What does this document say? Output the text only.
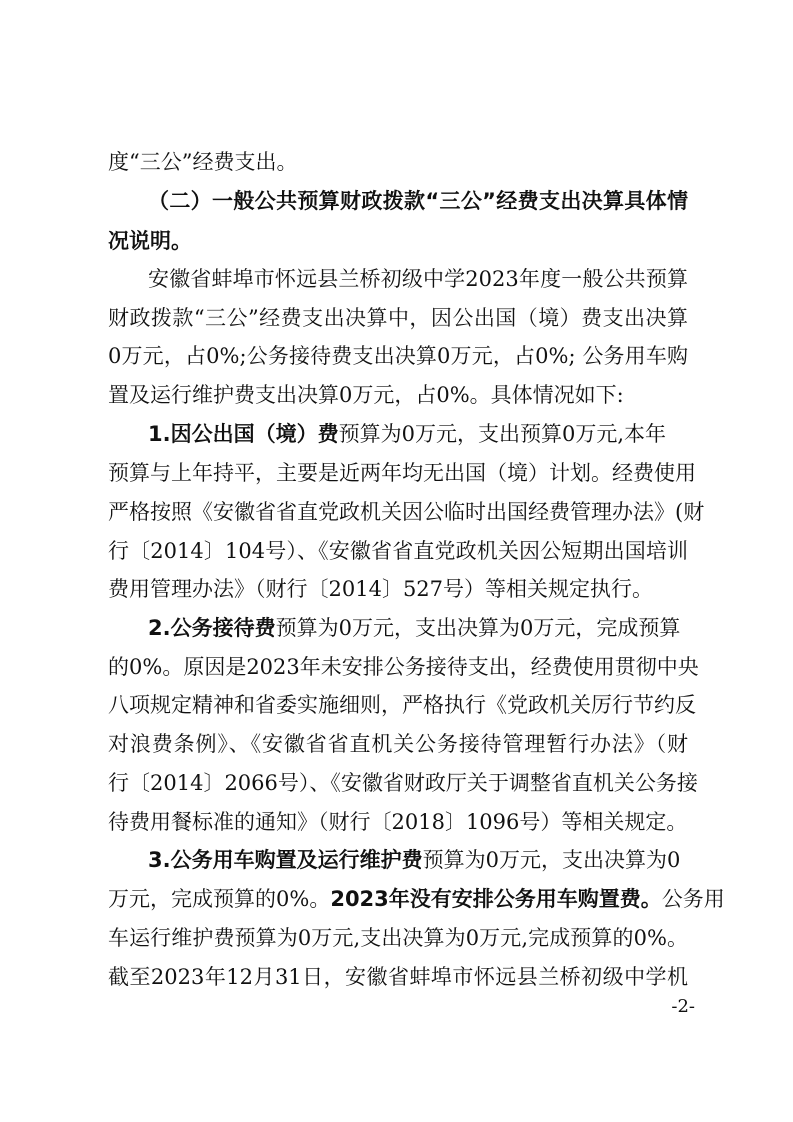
度“三公”经费支出。
（二）一般公共预算财政拨款“三公”经费支出决算具体情
况说明。
安徽省蚌埠市怀远县兰桥初级中学2023年度一般公共预算
财政拨款“三公”经费支出决算中，因公出国（境）费支出决算
0万元，占0%;公务接待费支出决算0万元，占0%; 公务用车购
置及运行维护费支出决算0万元，占0%。具体情况如下:
1.因公出国（境）费预算为0万元，支出预算0万元,本年
预算与上年持平，主要是近两年均无出国（境）计划。经费使用
严格按照《安徽省省直党政机关因公临时出国经费管理办法》(财
行〔2014〕104号）、《安徽省省直党政机关因公短期出国培训
费用管理办法》（财行〔2014〕527号）等相关规定执行。
2.公务接待费预算为0万元，支出决算为0万元，完成预算
的0%。原因是2023年未安排公务接待支出，经费使用贯彻中央
八项规定精神和省委实施细则，严格执行《党政机关厉行节约反
对浪费条例》、《安徽省省直机关公务接待管理暂行办法》（财
行〔2014〕2066号）、《安徽省财政厅关于调整省直机关公务接
待费用餐标准的通知》（财行〔2018〕1096号）等相关规定。
3.公务用车购置及运行维护费预算为0万元，支出决算为0
万元，完成预算的0%。2023年没有安排公务用车购置费。公务用
车运行维护费预算为0万元,支出决算为0万元,完成预算的0%。
截至2023年12月31日，安徽省蚌埠市怀远县兰桥初级中学机
-2-
